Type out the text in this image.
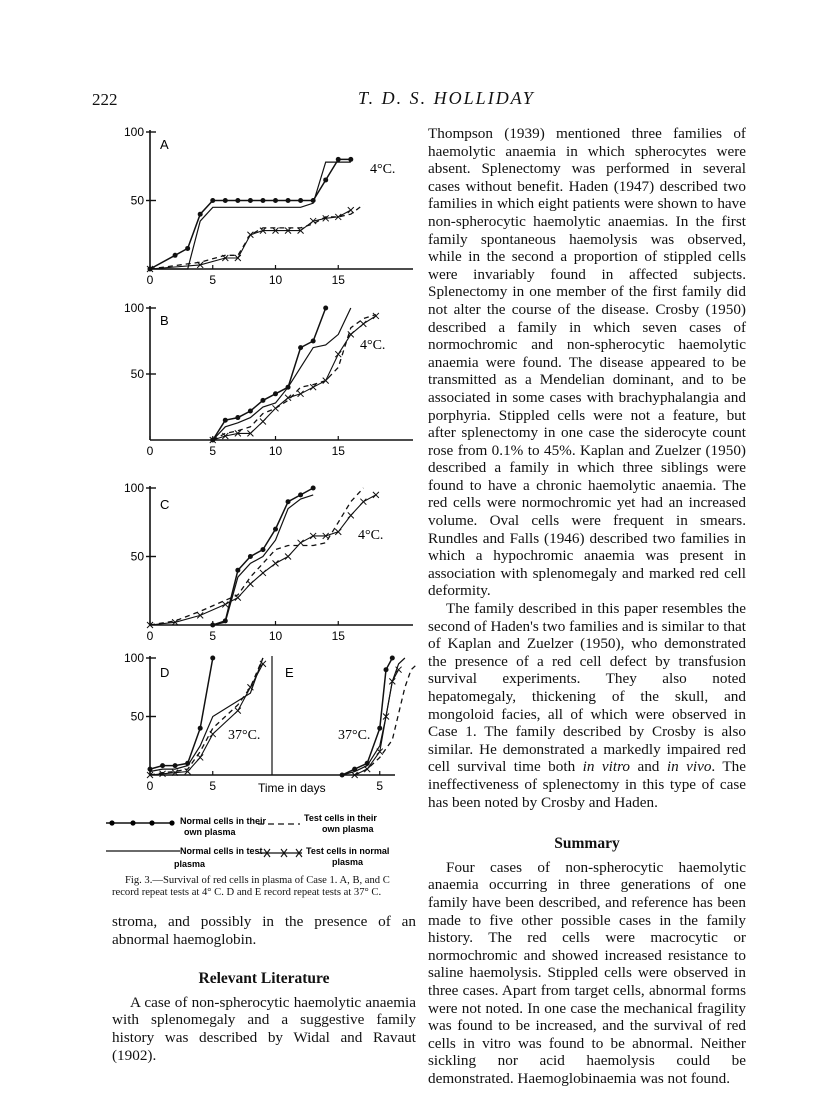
222	T. D. S. HOLLIDAY
Time in days
50
100
0	5	10	15
A
4°C.
50
100
0	5	10	15
B
4°C.
50
100
0	5	10	15
C
4°C.
50
100
0	5
D
37°C.
5
E
37°C.
Normal cells in their
own plasma
Test cells in their
own plasma
Normal cells in test
plasma
Test cells in normal
plasma
Fig. 3.—Survival of red cells in plasma of Case 1. A, B, and C
record repeat tests at 4° C. D and E record repeat tests at 37° C.

stroma, and possibly in the presence of an abnormal haemoglobin.

Relevant Literature

A case of non-spherocytic haemolytic anaemia with splenomegaly and a suggestive family history was described by Widal and Ravaut (1902).

Thompson (1939) mentioned three families of haemolytic anaemia in which spherocytes were absent. Splenectomy was performed in several cases without benefit. Haden (1947) described two families in which eight patients were shown to have non-spherocytic haemolytic anaemias. In the first family spontaneous haemolysis was observed, while in the second a proportion of stippled cells were invariably found in affected subjects. Splenectomy in one member of the first family did not alter the course of the disease. Crosby (1950) described a family in which seven cases of normochromic and non-spherocytic haemolytic anaemia were found. The disease appeared to be transmitted as a Mendelian dominant, and to be associated in some cases with brachyphalangia and porphyria. Stippled cells were not a feature, but after splenectomy in one case the siderocyte count rose from 0.1% to 45%. Kaplan and Zuelzer (1950) described a family in which three siblings were found to have a chronic haemolytic anaemia. The red cells were normochromic yet had an increased volume. Oval cells were frequent in smears. Rundles and Falls (1946) described two families in which a hypochromic anaemia was present in association with splenomegaly and marked red cell deformity.

The family described in this paper resembles the second of Haden's two families and is similar to that of Kaplan and Zuelzer (1950), who demonstrated the presence of a red cell defect by transfusion survival experiments. They also noted hepatomegaly, thickening of the skull, and mongoloid facies, all of which were observed in Case 1. The family described by Crosby is also similar. He demonstrated a markedly impaired red cell survival time both in vitro and in vivo. The ineffectiveness of splenectomy in this type of case has been noted by Crosby and Haden.

Summary

Four cases of non-spherocytic haemolytic anaemia occurring in three generations of one family have been described, and reference has been made to five other possible cases in the family history. The red cells were macrocytic or normochromic and showed increased resistance to saline haemolysis. Stippled cells were observed in three cases. Apart from target cells, abnormal forms were not noted. In one case the mechanical fragility was found to be increased, and the survival of red cells in vitro was found to be abnormal. Neither sickling nor acid haemolysis could be demonstrated. Haemoglobinaemia was not found.
